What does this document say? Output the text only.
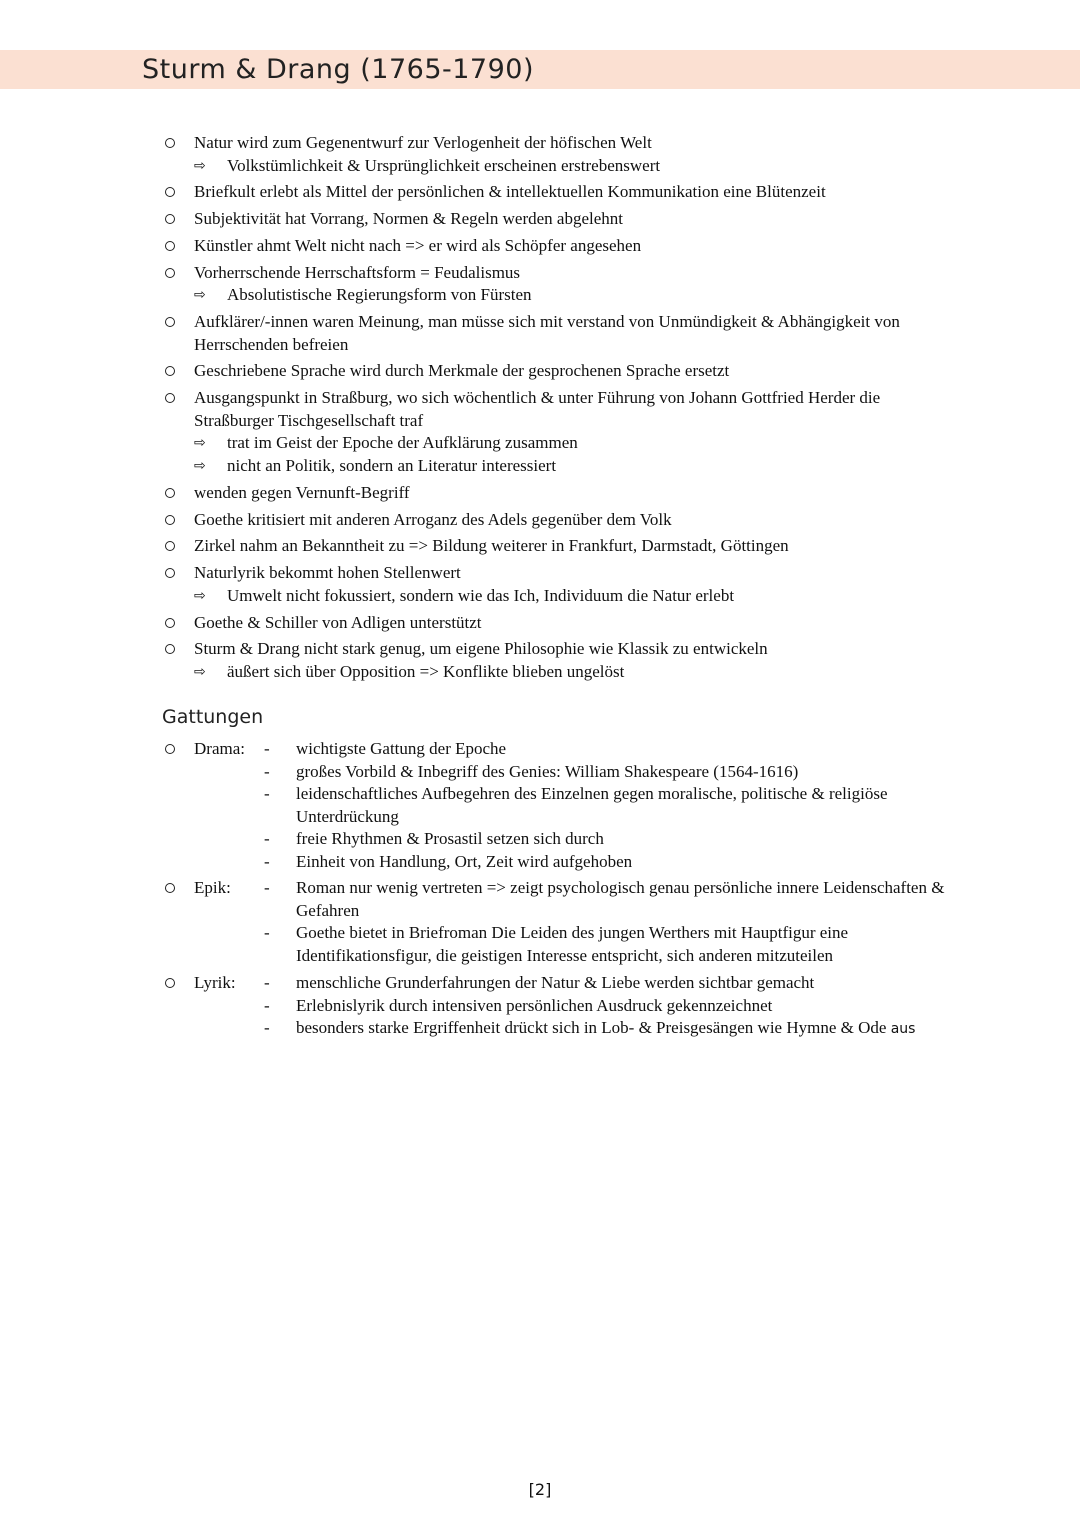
Sturm & Drang (1765-1790)
Natur wird zum Gegenentwurf zur Verlogenheit der höfischen Welt
⇨ Volkstümlichkeit & Ursprünglichkeit erscheinen erstrebenswert
Briefkult erlebt als Mittel der persönlichen & intellektuellen Kommunikation eine Blütenzeit
Subjektivität hat Vorrang, Normen & Regeln werden abgelehnt
Künstler ahmt Welt nicht nach => er wird als Schöpfer angesehen
Vorherrschende Herrschaftsform = Feudalismus
⇨ Absolutistische Regierungsform von Fürsten
Aufklärer/-innen waren Meinung, man müsse sich mit verstand von Unmündigkeit & Abhängigkeit von Herrschenden befreien
Geschriebene Sprache wird durch Merkmale der gesprochenen Sprache ersetzt
Ausgangspunkt in Straßburg, wo sich wöchentlich & unter Führung von Johann Gottfried Herder die Straßburger Tischgesellschaft traf
⇨ trat im Geist der Epoche der Aufklärung zusammen
⇨ nicht an Politik, sondern an Literatur interessiert
wenden gegen Vernunft-Begriff
Goethe kritisiert mit anderen Arroganz des Adels gegenüber dem Volk
Zirkel nahm an Bekanntheit zu => Bildung weiterer in Frankfurt, Darmstadt, Göttingen
Naturlyrik bekommt hohen Stellenwert
⇨ Umwelt nicht fokussiert, sondern wie das Ich, Individuum die Natur erlebt
Goethe & Schiller von Adligen unterstützt
Sturm & Drang nicht stark genug, um eigene Philosophie wie Klassik zu entwickeln
⇨ äußert sich über Opposition => Konflikte blieben ungelöst
Gattungen
Drama: - wichtigste Gattung der Epoche
- großes Vorbild & Inbegriff des Genies: William Shakespeare (1564-1616)
- leidenschaftliches Aufbegehren des Einzelnen gegen moralische, politische & religiöse Unterdrückung
- freie Rhythmen & Prosastil setzen sich durch
- Einheit von Handlung, Ort, Zeit wird aufgehoben
Epik: - Roman nur wenig vertreten => zeigt psychologisch genau persönliche innere Leidenschaften & Gefahren
- Goethe bietet in Briefroman Die Leiden des jungen Werthers mit Hauptfigur eine Identifikationsfigur, die geistigen Interesse entspricht, sich anderen mitzuteilen
Lyrik: - menschliche Grunderfahrungen der Natur & Liebe werden sichtbar gemacht
- Erlebnislyrik durch intensiven persönlichen Ausdruck gekennzeichnet
- besonders starke Ergriffenheit drückt sich in Lob- & Preisgesängen wie Hymne & Ode aus
[2]
